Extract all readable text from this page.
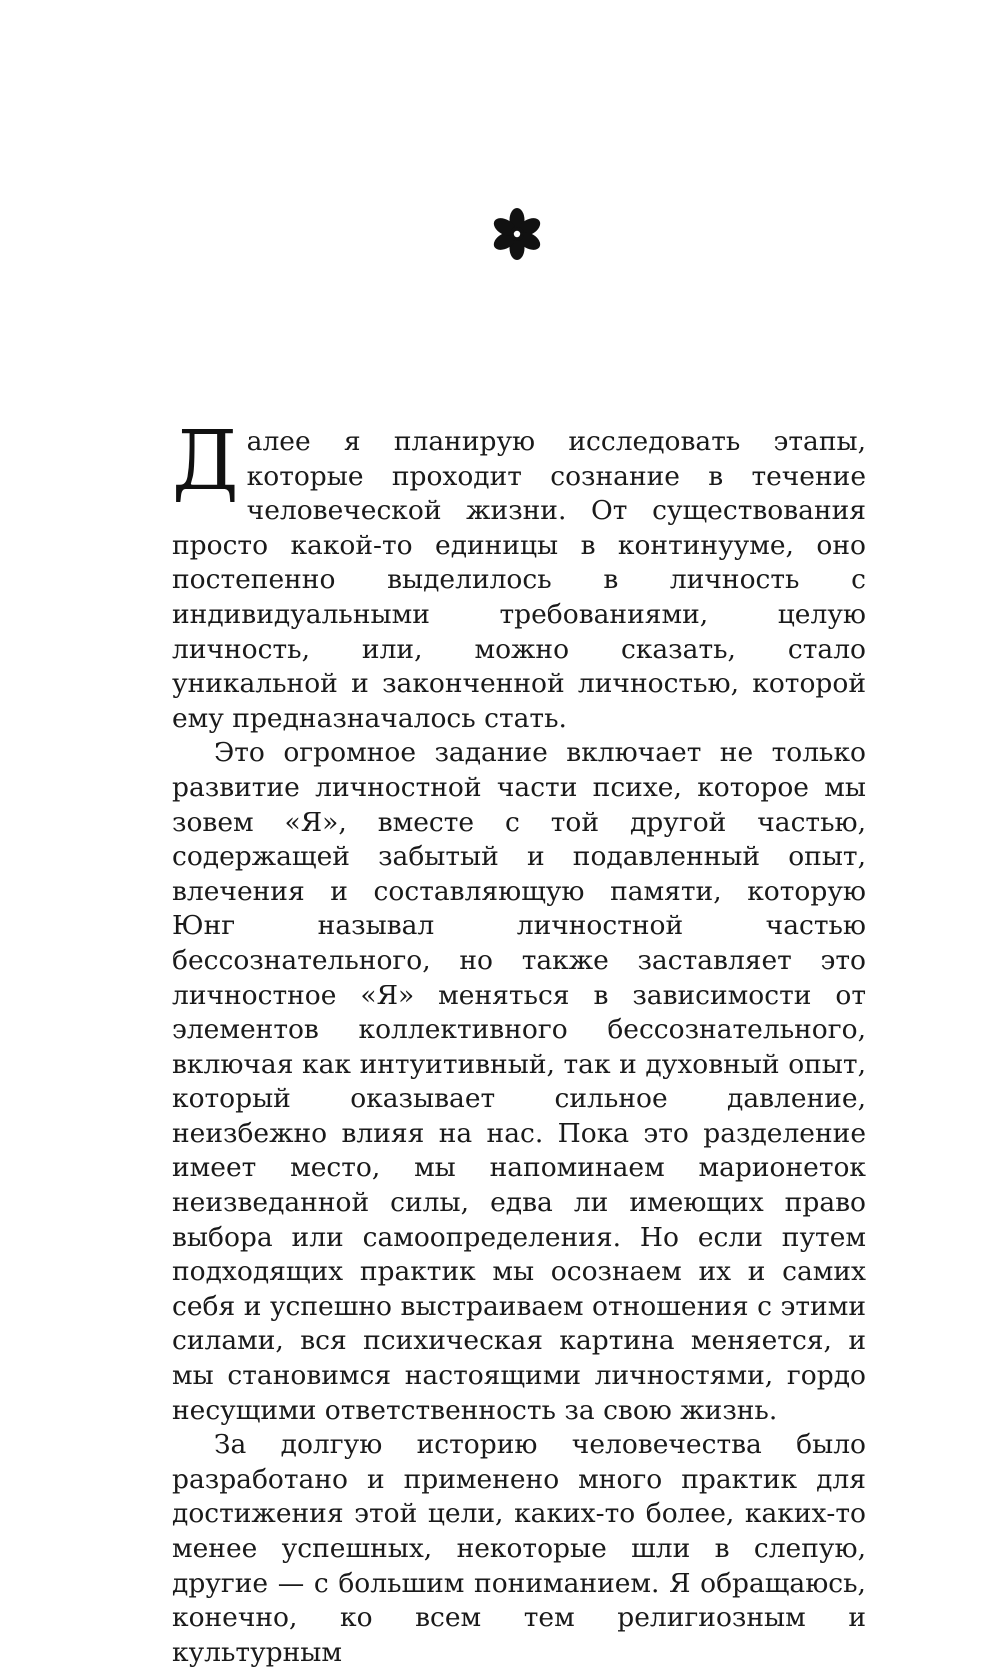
Далее я планирую исследовать этапы, которые проходит сознание в течение человеческой жизни. От существования просто какой-то единицы в континууме, оно постепенно выделилось в личность с индивидуальными требованиями, целую личность, или, можно сказать, стало уникальной и законченной личностью, которой ему предназначалось стать.

Это огромное задание включает не только развитие личностной части психе, которое мы зовем «Я», вместе с той другой частью, содержащей забытый и подавленный опыт, влечения и составляющую памяти, которую Юнг называл личностной частью бессознательного, но также заставляет это личностное «Я» меняться в зависимости от элементов коллективного бессознательного, включая как интуитивный, так и духовный опыт, который оказывает сильное давление, неизбежно влияя на нас. Пока это разделение имеет место, мы напоминаем марионеток неизведанной силы, едва ли имеющих право выбора или самоопределения. Но если путем подходящих практик мы осознаем их и самих себя и успешно выстраиваем отношения с этими силами, вся психическая картина меняется, и мы становимся настоящими личностями, гордо несущими ответственность за свою жизнь.

За долгую историю человечества было разработано и применено много практик для достижения этой цели, каких-то более, каких-то менее успешных, некоторые шли в слепую, другие — с большим пониманием. Я обращаюсь, конечно, ко всем тем религиозным и культурным
